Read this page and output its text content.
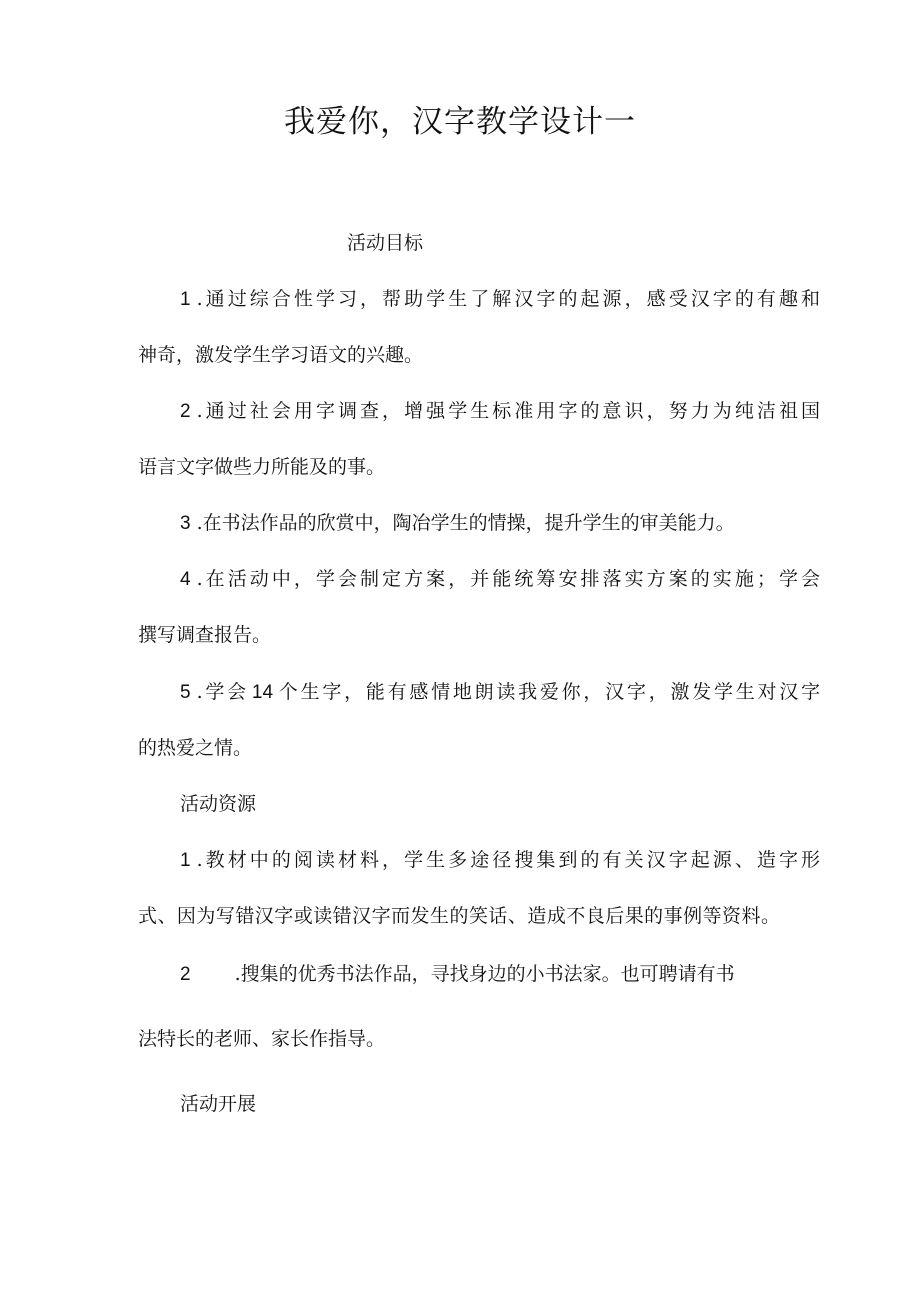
我爱你，汉字教学设计一
活动目标
1 .通过综合性学习，帮助学生了解汉字的起源，感受汉字的有趣和
神奇，激发学生学习语文的兴趣。
2 .通过社会用字调查，增强学生标准用字的意识，努力为纯洁祖国
语言文字做些力所能及的事。
3 .在书法作品的欣赏中，陶冶学生的情操，提升学生的审美能力。
4 .在活动中，学会制定方案，并能统筹安排落实方案的实施；学会
撰写调查报告。
5 .学会 14 个生字，能有感情地朗读我爱你，汉字，激发学生对汉字
的热爱之情。
活动资源
1 .教材中的阅读材料，学生多途径搜集到的有关汉字起源、造字形
式、因为写错汉字或读错汉字而发生的笑话、造成不良后果的事例等资料。
2 .搜集的优秀书法作品，寻找身边的小书法家。也可聘请有书
法特长的老师、家长作指导。
活动开展
